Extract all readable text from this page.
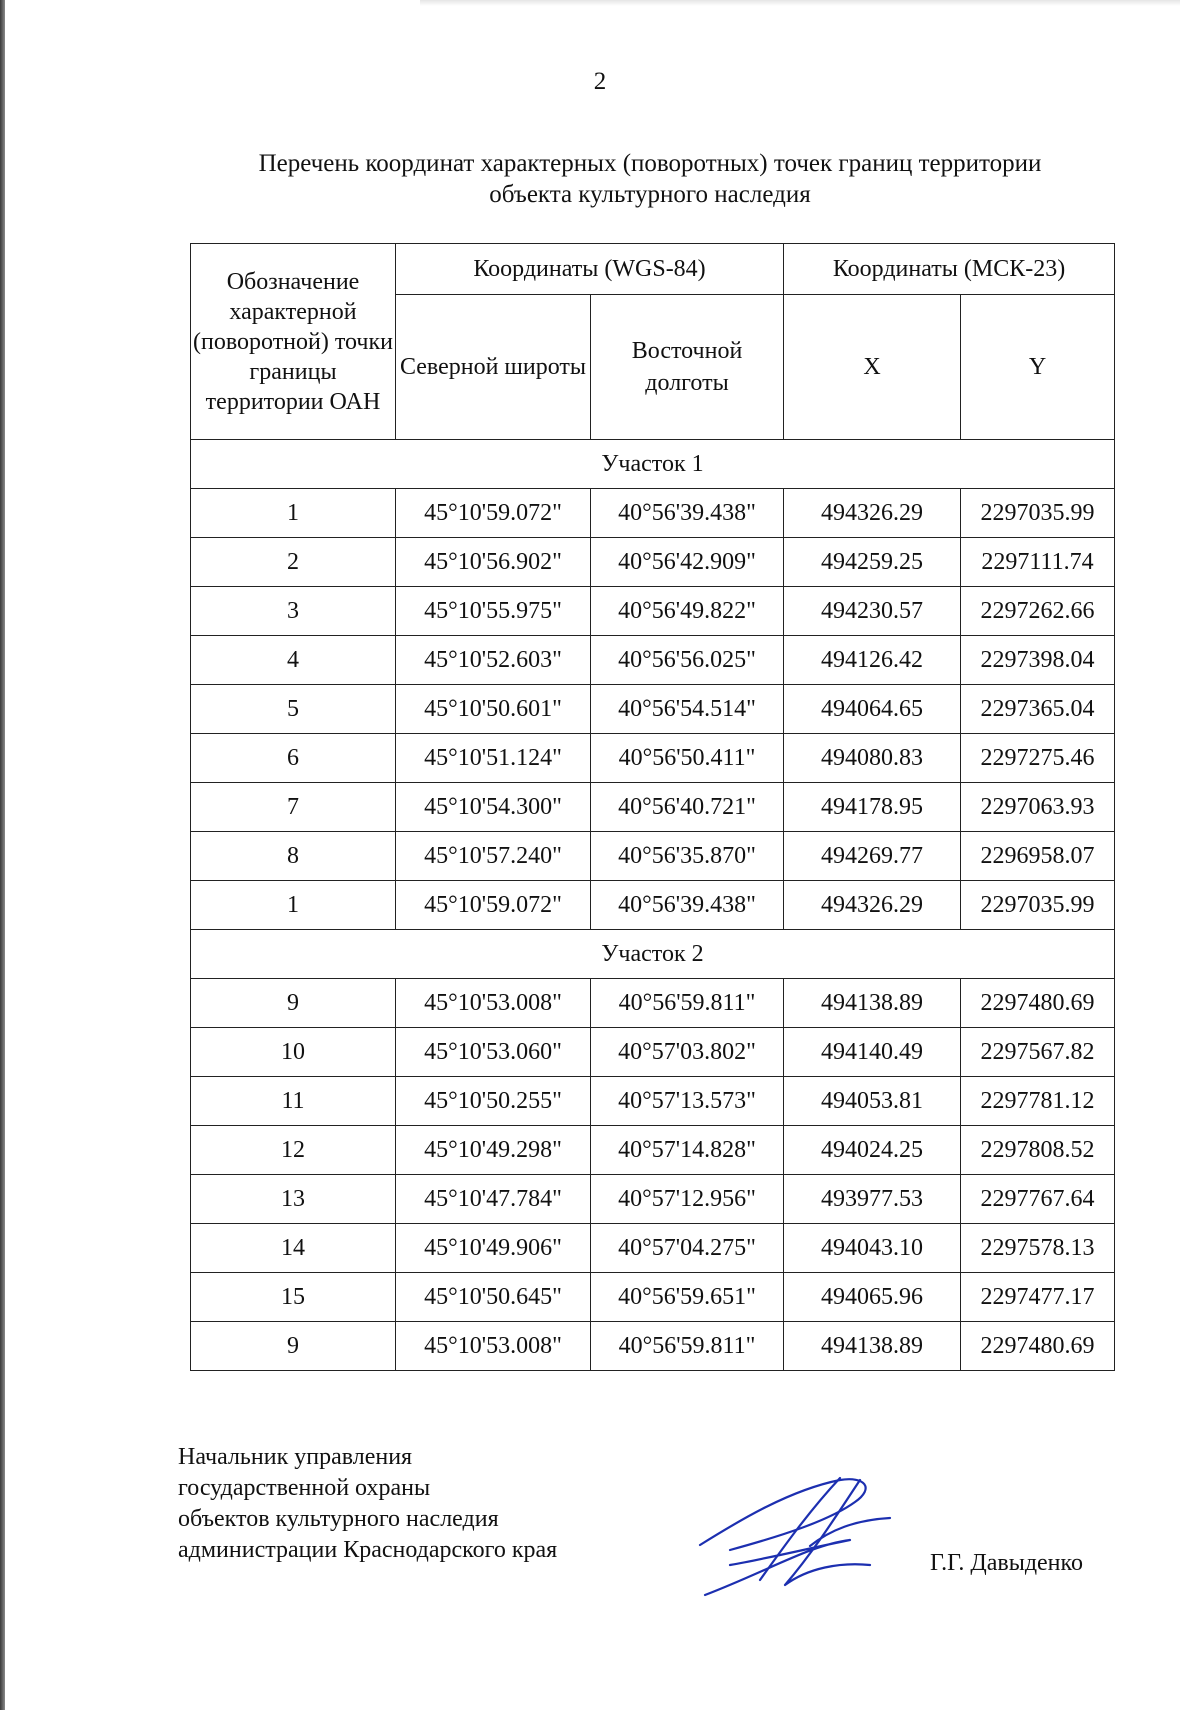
2
Перечень координат характерных (поворотных) точек границ территории
объекта культурного наследия
Обозначение характерной (поворотной) точки границы территории ОАН	Координаты (WGS-84)		Координаты (МСК-23)	
	Северной широты	Восточной долготы	X	Y
Участок 1				
1	45°10'59.072"	40°56'39.438"	494326.29	2297035.99
2	45°10'56.902"	40°56'42.909"	494259.25	2297111.74
3	45°10'55.975"	40°56'49.822"	494230.57	2297262.66
4	45°10'52.603"	40°56'56.025"	494126.42	2297398.04
5	45°10'50.601"	40°56'54.514"	494064.65	2297365.04
6	45°10'51.124"	40°56'50.411"	494080.83	2297275.46
7	45°10'54.300"	40°56'40.721"	494178.95	2297063.93
8	45°10'57.240"	40°56'35.870"	494269.77	2296958.07
1	45°10'59.072"	40°56'39.438"	494326.29	2297035.99
Участок 2				
9	45°10'53.008"	40°56'59.811"	494138.89	2297480.69
10	45°10'53.060"	40°57'03.802"	494140.49	2297567.82
11	45°10'50.255"	40°57'13.573"	494053.81	2297781.12
12	45°10'49.298"	40°57'14.828"	494024.25	2297808.52
13	45°10'47.784"	40°57'12.956"	493977.53	2297767.64
14	45°10'49.906"	40°57'04.275"	494043.10	2297578.13
15	45°10'50.645"	40°56'59.651"	494065.96	2297477.17
9	45°10'53.008"	40°56'59.811"	494138.89	2297480.69
Начальник управления
государственной охраны
объектов культурного наследия
администрации Краснодарского края	Г.Г. Давыденко
